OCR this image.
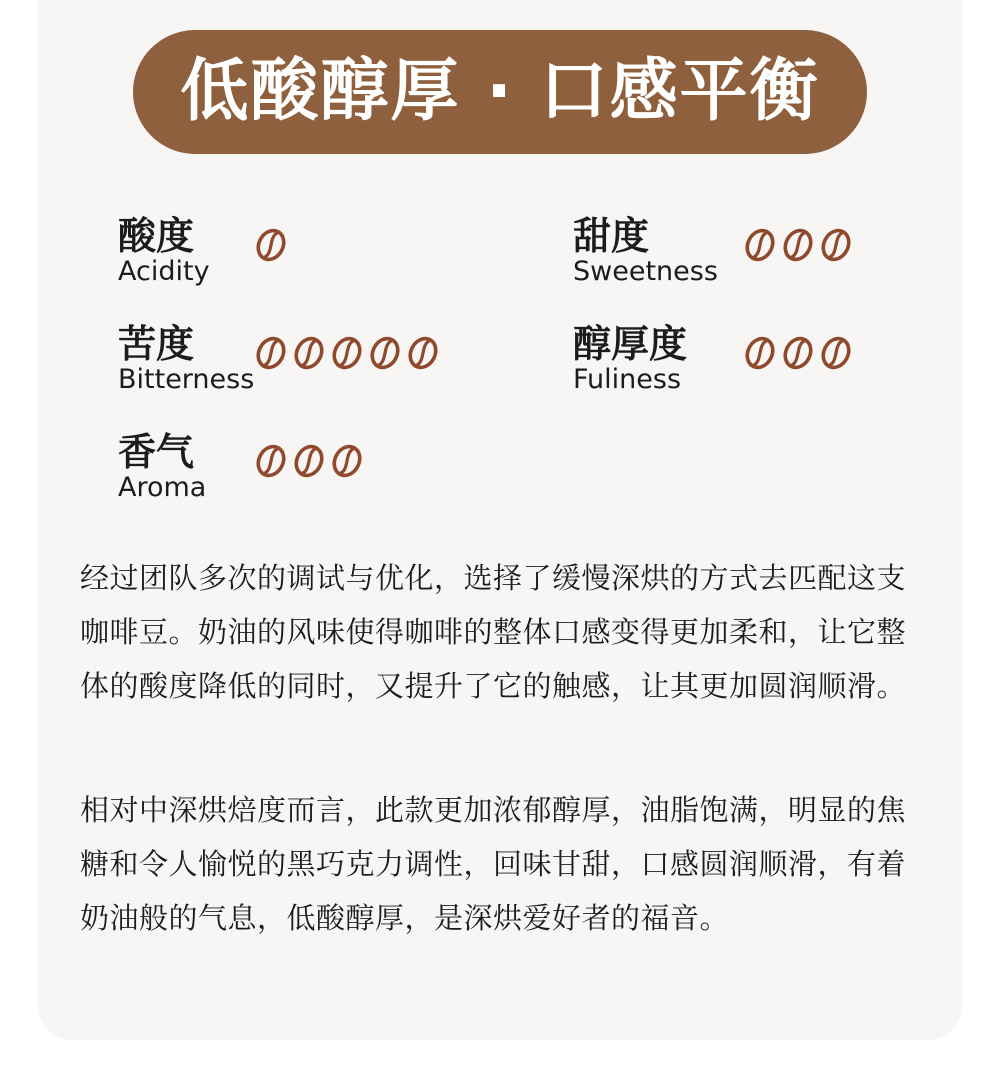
低酸醇厚 · 口感平衡
酸度
Acidity
甜度
Sweetness
苦度
Bitterness
醇厚度
Fuliness
香气
Aroma

经过团队多次的调试与优化，选择了缓慢深烘的方式去匹配这支咖啡豆。奶油的风味使得咖啡的整体口感变得更加柔和，让它整体的酸度降低的同时，又提升了它的触感，让其更加圆润顺滑。

相对中深烘焙度而言，此款更加浓郁醇厚，油脂饱满，明显的焦糖和令人愉悦的黑巧克力调性，回味甘甜，口感圆润顺滑，有着奶油般的气息，低酸醇厚，是深烘爱好者的福音。
